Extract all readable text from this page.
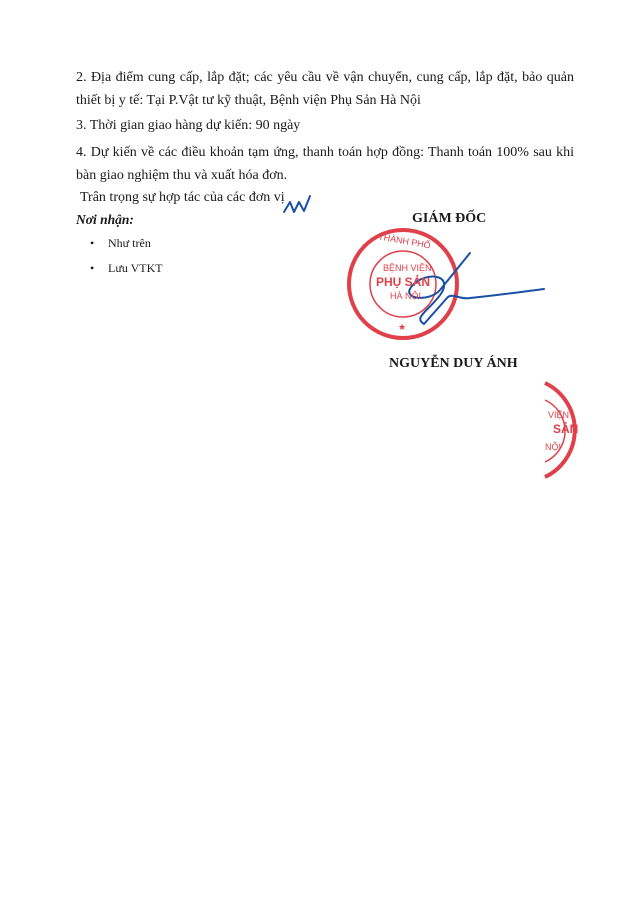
2. Địa điểm cung cấp, lắp đặt; các yêu cầu về vận chuyển, cung cấp, lắp đặt, bảo quản thiết bị y tế: Tại P.Vật tư kỹ thuật, Bệnh viện Phụ Sản Hà Nội
3. Thời gian giao hàng dự kiến: 90 ngày
4. Dự kiến về các điều khoản tạm ứng, thanh toán hợp đồng: Thanh toán 100% sau khi bàn giao nghiệm thu và xuất hóa đơn.
Trân trọng sự hợp tác của các đơn vị
Nơi nhận:
• Như trên
• Lưu VTKT
GIÁM ĐỐC
NGUYỄN DUY ÁNH
★
THÀNH PHỐ
BỆNH VIỆN
PHỤ SẢN
HÀ NỘI
VIỆN
SẢN
NỘI
